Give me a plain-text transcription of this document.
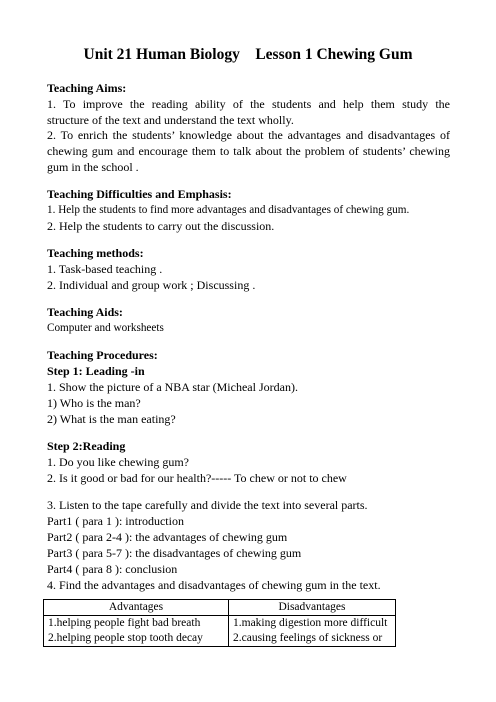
Unit 21 Human Biology    Lesson 1 Chewing Gum
Teaching Aims:
1. To improve the reading ability of the students and help them study the
structure of the text and understand the text wholly.
2. To enrich the students’ knowledge about the advantages and disadvantages of
chewing gum and encourage them to talk about the problem of students’ chewing
gum in the school .
Teaching Difficulties and Emphasis:
1. Help the students to find more advantages and disadvantages of chewing gum.
2. Help the students to carry out the discussion.
Teaching methods:
1. Task-based teaching .
2. Individual and group work ; Discussing .
Teaching Aids:
Computer and worksheets
Teaching Procedures:
Step 1: Leading -in
1. Show the picture of a NBA star (Micheal Jordan).
1) Who is the man?
2) What is the man eating?
Step 2:Reading
1. Do you like chewing gum?
2. Is it good or bad for our health?----- To chew or not to chew
3. Listen to the tape carefully and divide the text into several parts.
Part1 ( para 1 ): introduction
Part2 ( para 2-4 ): the advantages of chewing gum
Part3 ( para 5-7 ): the disadvantages of chewing gum
Part4 ( para 8 ): conclusion
4. Find the advantages and disadvantages of chewing gum in the text.
Advantages	Disadvantages
1.helping people fight bad breath	1.making digestion more difficult
2.helping people stop tooth decay	2.causing feelings of sickness or
